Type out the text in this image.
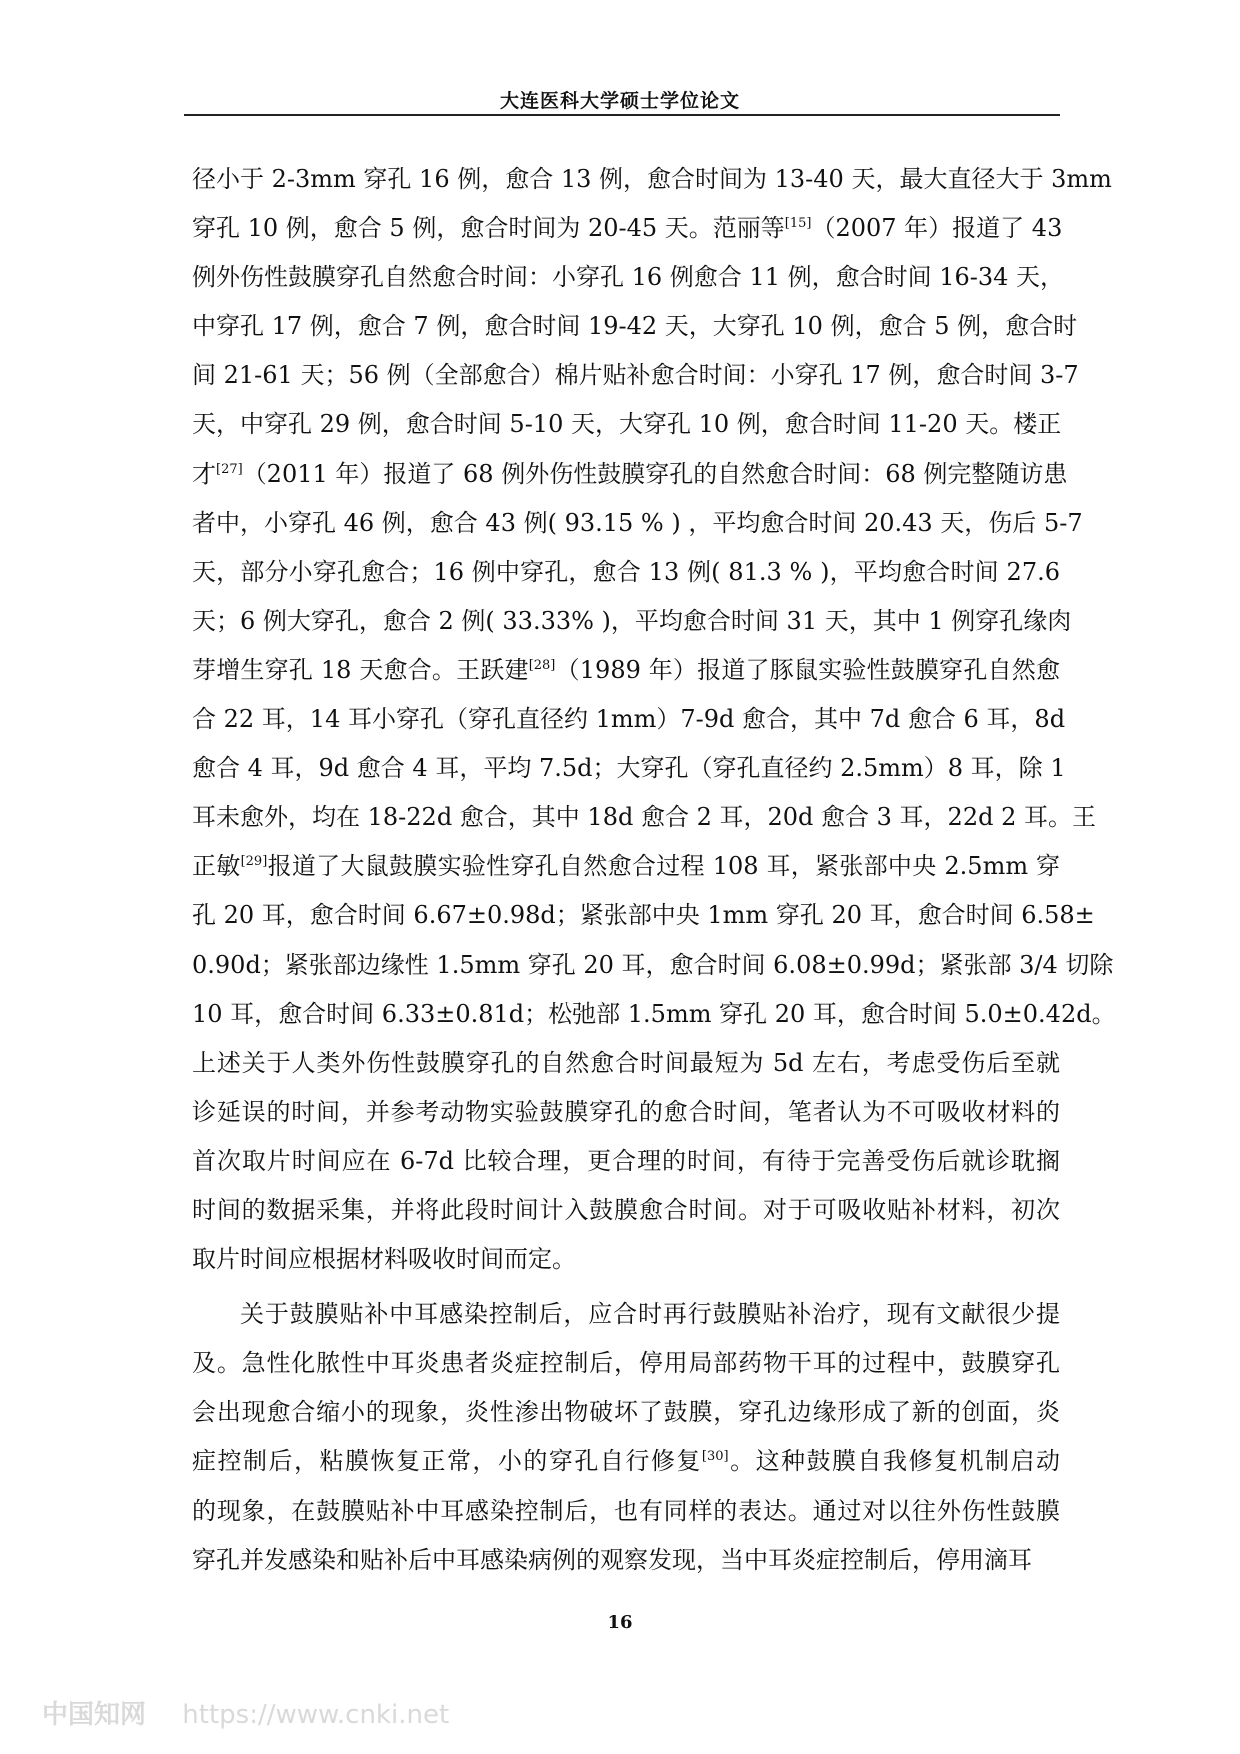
大连医科大学硕士学位论文
径小于 2-3mm 穿孔 16 例，愈合 13 例，愈合时间为 13-40 天，最大直径大于 3mm
穿孔 10 例，愈合 5 例，愈合时间为 20-45 天。范丽等[15]（2007 年）报道了 43
例外伤性鼓膜穿孔自然愈合时间：小穿孔 16 例愈合 11 例，愈合时间 16-34 天，
中穿孔 17 例，愈合 7 例，愈合时间 19-42 天，大穿孔 10 例，愈合 5 例，愈合时
间 21-61 天；56 例（全部愈合）棉片贴补愈合时间：小穿孔 17 例，愈合时间 3-7
天，中穿孔 29 例，愈合时间 5-10 天，大穿孔 10 例，愈合时间 11-20 天。楼正
才[27]（2011 年）报道了 68 例外伤性鼓膜穿孔的自然愈合时间：68 例完整随访患
者中，小穿孔 46 例，愈合 43 例( 93.15 % ) ，平均愈合时间 20.43 天，伤后 5-7
天，部分小穿孔愈合；16 例中穿孔，愈合 13 例( 81.3 % )，平均愈合时间 27.6
天；6 例大穿孔，愈合 2 例( 33.33% )，平均愈合时间 31 天，其中 1 例穿孔缘肉
芽增生穿孔 18 天愈合。王跃建[28]（1989 年）报道了豚鼠实验性鼓膜穿孔自然愈
合 22 耳，14 耳小穿孔（穿孔直径约 1mm）7-9d 愈合，其中 7d 愈合 6 耳，8d
愈合 4 耳，9d 愈合 4 耳，平均 7.5d；大穿孔（穿孔直径约 2.5mm）8 耳，除 1
耳未愈外，均在 18-22d 愈合，其中 18d 愈合 2 耳，20d 愈合 3 耳，22d 2 耳。王
正敏[29]报道了大鼠鼓膜实验性穿孔自然愈合过程 108 耳，紧张部中央 2.5mm 穿
孔 20 耳，愈合时间 6.67±0.98d；紧张部中央 1mm 穿孔 20 耳，愈合时间 6.58±
0.90d；紧张部边缘性 1.5mm 穿孔 20 耳，愈合时间 6.08±0.99d；紧张部 3/4 切除
10 耳，愈合时间 6.33±0.81d；松弛部 1.5mm 穿孔 20 耳，愈合时间 5.0±0.42d。
上述关于人类外伤性鼓膜穿孔的自然愈合时间最短为 5d 左右，考虑受伤后至就
诊延误的时间，并参考动物实验鼓膜穿孔的愈合时间，笔者认为不可吸收材料的
首次取片时间应在 6-7d 比较合理，更合理的时间，有待于完善受伤后就诊耽搁
时间的数据采集，并将此段时间计入鼓膜愈合时间。对于可吸收贴补材料，初次
取片时间应根据材料吸收时间而定。
关于鼓膜贴补中耳感染控制后，应合时再行鼓膜贴补治疗，现有文献很少提
及。急性化脓性中耳炎患者炎症控制后，停用局部药物干耳的过程中，鼓膜穿孔
会出现愈合缩小的现象，炎性渗出物破坏了鼓膜，穿孔边缘形成了新的创面，炎
症控制后，粘膜恢复正常，小的穿孔自行修复[30]。这种鼓膜自我修复机制启动
的现象，在鼓膜贴补中耳感染控制后，也有同样的表达。通过对以往外伤性鼓膜
穿孔并发感染和贴补后中耳感染病例的观察发现，当中耳炎症控制后，停用滴耳
16
中国知网 https://www.cnki.net
